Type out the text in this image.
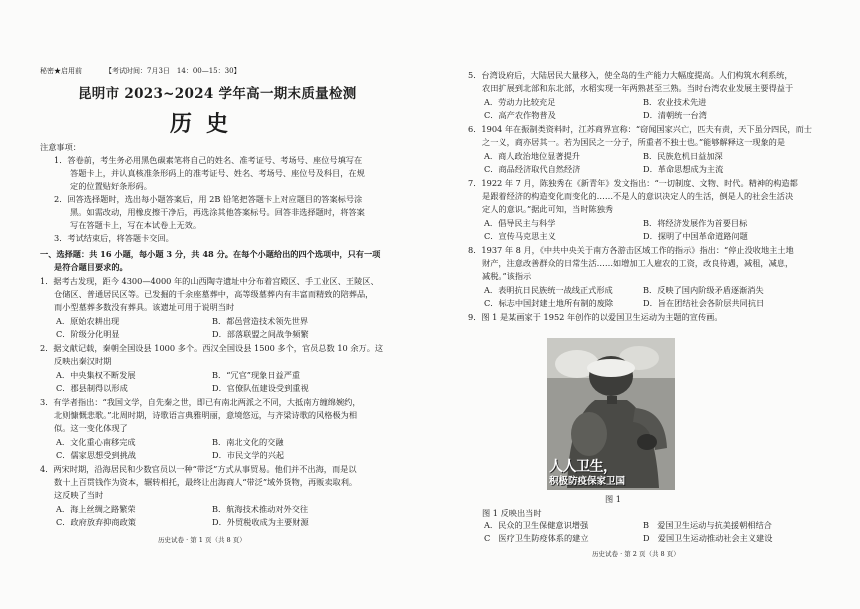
秘密★启用前	【考试时间：7月3日　14：00—15：30】
昆明市 2023~2024 学年高一期末质量检测
历史
注意事项：
1．答卷前，考生务必用黑色碳素笔将自己的姓名、准考证号、考场号、座位号填写在
答题卡上，并认真核准条形码上的准考证号、姓名、考场号、座位号及科目，在规
定的位置贴好条形码。
2．回答选择题时，选出每小题答案后，用 2B 铅笔把答题卡上对应题目的答案标号涂
黑。如需改动，用橡皮擦干净后，再选涂其他答案标号。回答非选择题时，将答案
写在答题卡上，写在本试卷上无效。
3．考试结束后，将答题卡交回。
一、选择题：共 16 小题，每小题 3 分，共 48 分。在每个小题给出的四个选项中，只有一项
是符合题目要求的。
1．据考古发现，距今 4300—4000 年的山西陶寺遗址中分布着宫殿区、手工业区、王陵区、
仓储区、普通居民区等。已发掘的千余座墓葬中，高等级墓葬内有丰富而精致的陪葬品，
而小型墓葬多数没有葬具。该遗址可用于说明当时
A．原始农耕出现	B．都邑营造技术领先世界
C．阶级分化明显	D．部落联盟之间战争频繁
2．据文献记载，秦朝全国设县 1000 多个。西汉全国设县 1500 多个，官员总数 10 余万。这
反映出秦汉时期
A．中央集权不断发展	B．“冗官”现象日益严重
C．郡县制得以形成	D．官僚队伍建设受到重视
3．有学者指出：“我国文学，自先秦之世，即已有南北两派之不同，大抵南方缠绵婉约，
北则慷慨悲歌。”北周时期，诗歌语言典雅明丽，意境悠远，与齐梁诗歌的风格极为相
似。这一变化体现了
A．文化重心南移完成	B．南北文化的交融
C．儒家思想受到挑战	D．市民文学的兴起
4．两宋时期，沿海居民和少数官员以一种“带泛”方式从事贸易。他们并不出海，而是以
数十上百贯钱作为资本，辗转相托，最终让出海商人“带泛”域外货物，再贩卖取利。
这反映了当时
A．海上丝绸之路繁荣	B．航海技术推动对外交往
C．政府放弃抑商政策	D．外贸税收成为主要财源
历史试卷 · 第 1 页（共 8 页）
5．台湾设府后，大陆居民大量移入，使全岛的生产能力大幅度提高。人们构筑水利系统，
农田扩展到北部和东北部，水稻实现一年两熟甚至三熟。当时台湾农业发展主要得益于
A．劳动力比较充足	B．农业技术先进
C．高产农作物普及	D．清朝统一台湾
6．1904 年在振制类资料时，江苏商界宣称：“窃闻国家兴亡，匹夫有责，天下虽分四民，而士
之一义，商亦居其一。若为国民之一分子，所重者不独士也。”能够解释这一现象的是
A．商人政治地位显著提升	B．民族危机日益加深
C．商品经济取代自然经济	D．革命思想成为主流
7．1922 年 7 月，陈独秀在《新青年》发文指出：“一切制度、文物、时代。精神的构造都
是跟着经济的构造变化而变化的……不是人的意识决定人的生活，倒是人的社会生活决
定人的意识。”据此可知，当时陈独秀
A．倡导民主与科学	B．将经济发展作为首要目标
C．宣传马克思主义	D．探明了中国革命道路问题
8．1937 年 8 月，《中共中央关于南方各游击区域工作的指示》指出：“停止没收地主土地
财产，注意改善群众的日常生活……如增加工人雇农的工资，改良待遇，减租，减息，
减税。”该指示
A．表明抗日民族统一战线正式形成	B．反映了国内阶级矛盾逐渐消失
C．标志中国封建土地所有制的废除	D．旨在团结社会各阶层共同抗日
9．图 1 是某画家于 1952 年创作的以爱国卫生运动为主题的宣传画。
人人卫生，
积极防疫保家卫国
图 1
图 1 反映出当时
A．民众的卫生保健意识增强	B　爱国卫生运动与抗美援朝相结合
C　医疗卫生防疫体系的建立	D　爱国卫生运动推动社会主义建设
历史试卷 · 第 2 页（共 8 页）
